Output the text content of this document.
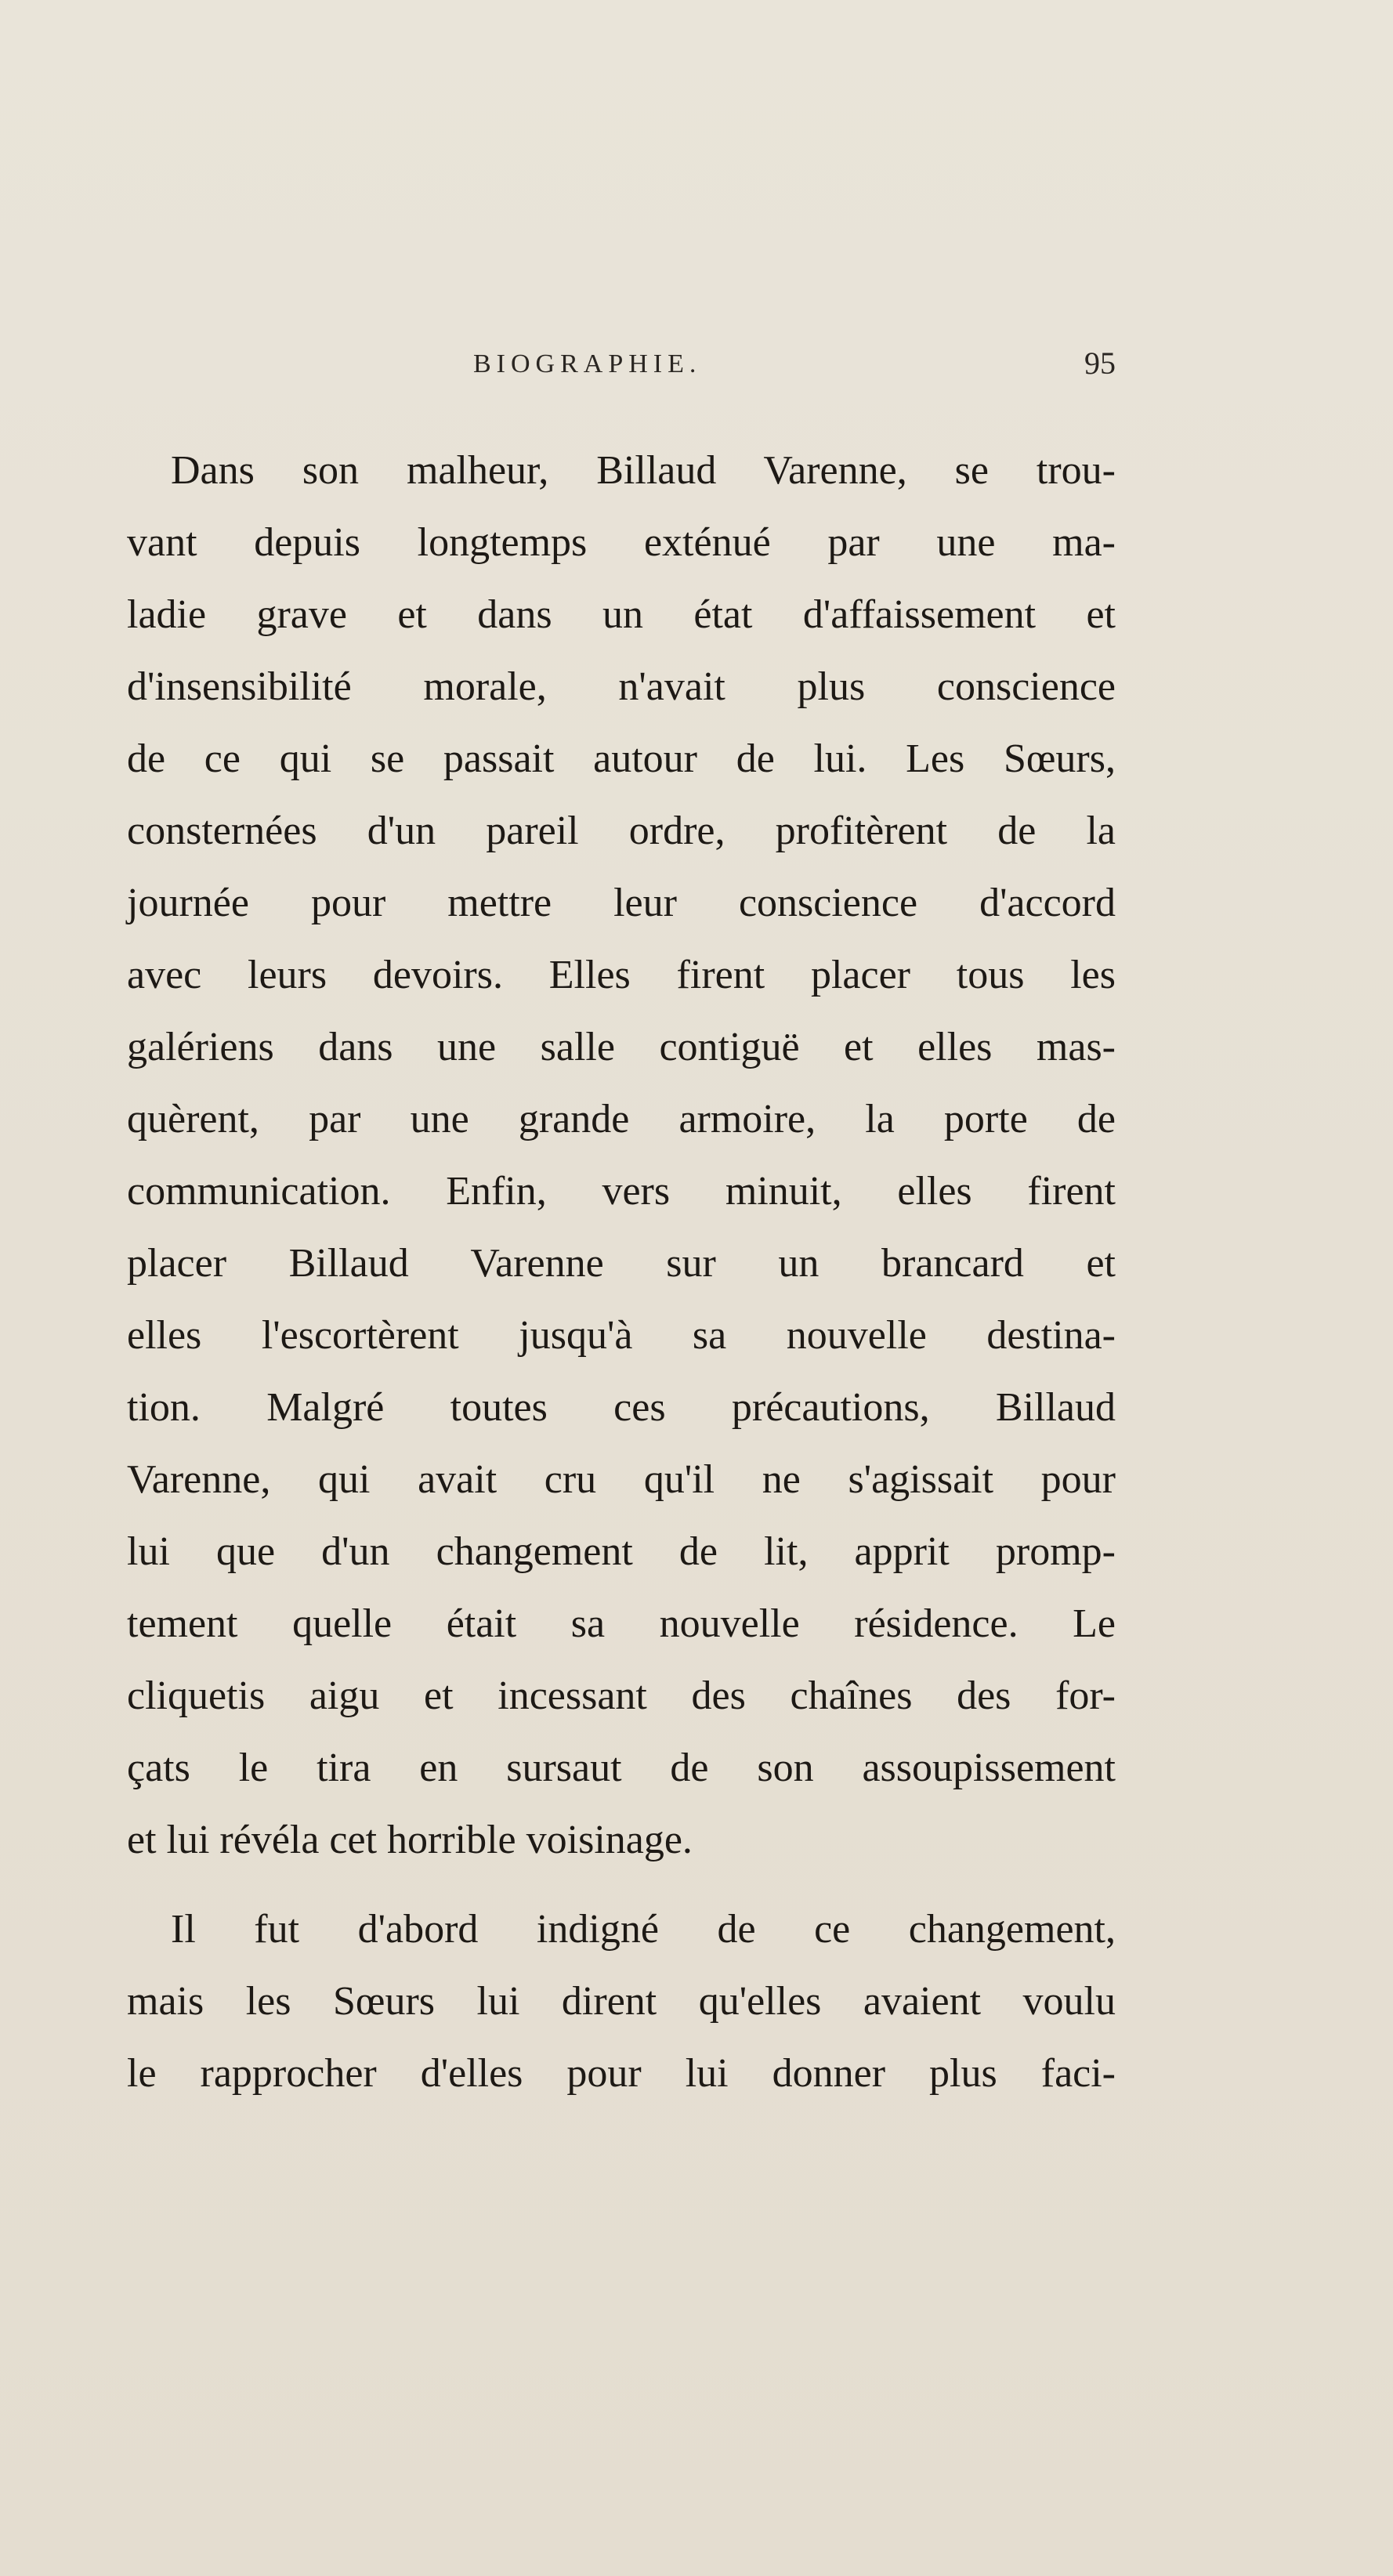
BIOGRAPHIE.	95
Dans son malheur, Billaud Varenne, se trou-
vant depuis longtemps exténué par une ma-
ladie grave et dans un état d'affaissement et
d'insensibilité morale, n'avait plus conscience
de ce qui se passait autour de lui. Les Sœurs,
consternées d'un pareil ordre, profitèrent de la
journée pour mettre leur conscience d'accord
avec leurs devoirs. Elles firent placer tous les
galériens dans une salle contiguë et elles mas-
quèrent, par une grande armoire, la porte de
communication. Enfin, vers minuit, elles firent
placer Billaud Varenne sur un brancard et
elles l'escortèrent jusqu'à sa nouvelle destina-
tion. Malgré toutes ces précautions, Billaud
Varenne, qui avait cru qu'il ne s'agissait pour
lui que d'un changement de lit, apprit promp-
tement quelle était sa nouvelle résidence. Le
cliquetis aigu et incessant des chaînes des for-
çats le tira en sursaut de son assoupissement
et lui révéla cet horrible voisinage.
Il fut d'abord indigné de ce changement,
mais les Sœurs lui dirent qu'elles avaient voulu
le rapprocher d'elles pour lui donner plus faci-
